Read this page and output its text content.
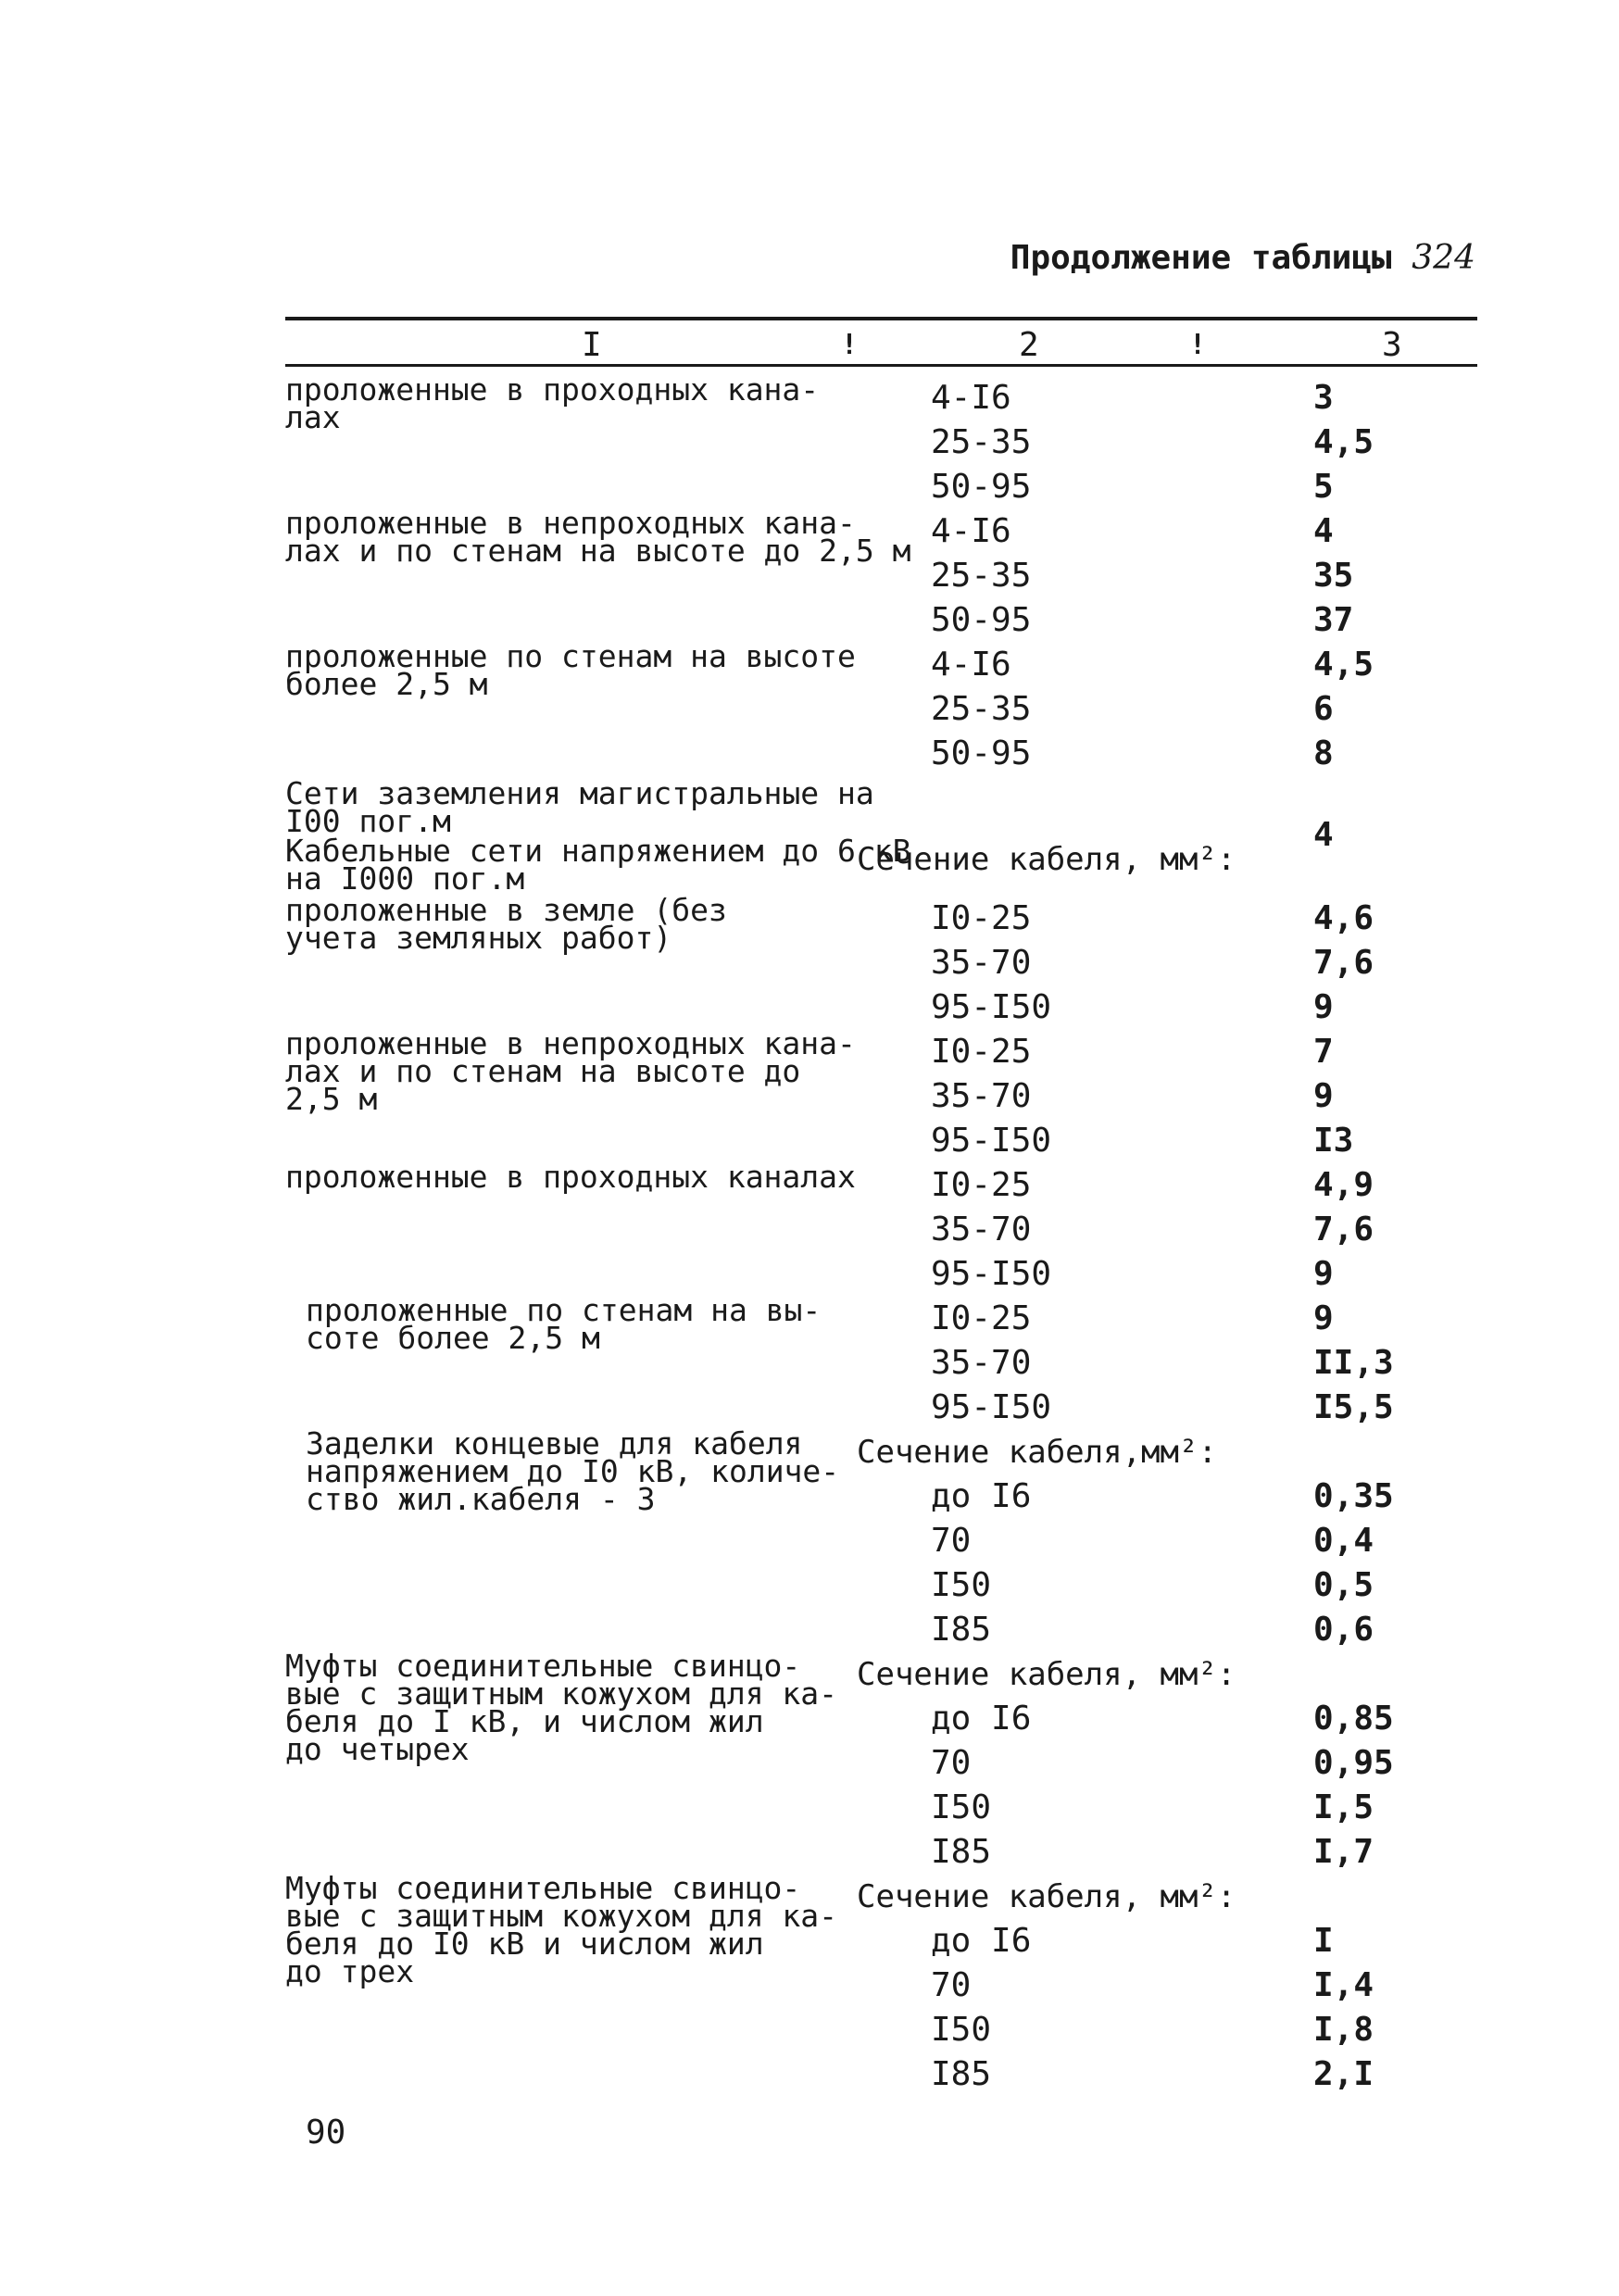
Продолжение таблицы 324
I	!	2	!	3
проложенные в проходных кана-
лах
4-I6	3
25-35	4,5
50-95	5
проложенные в непроходных кана-
лах и по стенам на высоте до 2,5 м
4-I6	4
25-35	35
50-95	37
проложенные по стенам на высоте
более 2,5 м
4-I6	4,5
25-35	6
50-95	8
Сети заземления магистральные на
I00 пог.м	4
Кабельные сети напряжением до 6 кВ
на I000 пог.м
Сечение кабеля, мм²:
проложенные в земле (без
учета земляных работ)
I0-25	4,6
35-70	7,6
95-I50	9
проложенные в непроходных кана-
лах и по стенам на высоте до
2,5 м
I0-25	7
35-70	9
95-I50	I3
проложенные в проходных каналах	I0-25	4,9
35-70	7,6
95-I50	9
проложенные по стенам на вы-
соте более 2,5 м
I0-25	9
35-70	II,3
95-I50	I5,5
Заделки концевые для кабеля
напряжением до I0 кВ, количе-
ство жил.кабеля - 3
Сечение кабеля,мм²:
до I6	0,35
70	0,4
I50	0,5
I85	0,6
Муфты соединительные свинцо-
вые с защитным кожухом для ка-
беля до I кВ, и числом жил
до четырех
Сечение кабеля, мм²:
до I6	0,85
70	0,95
I50	I,5
I85	I,7
Муфты соединительные свинцо-
вые с защитным кожухом для ка-
беля до I0 кВ и числом жил
до трех
Сечение кабеля, мм²:
до I6	I
70	I,4
I50	I,8
I85	2,I
90
